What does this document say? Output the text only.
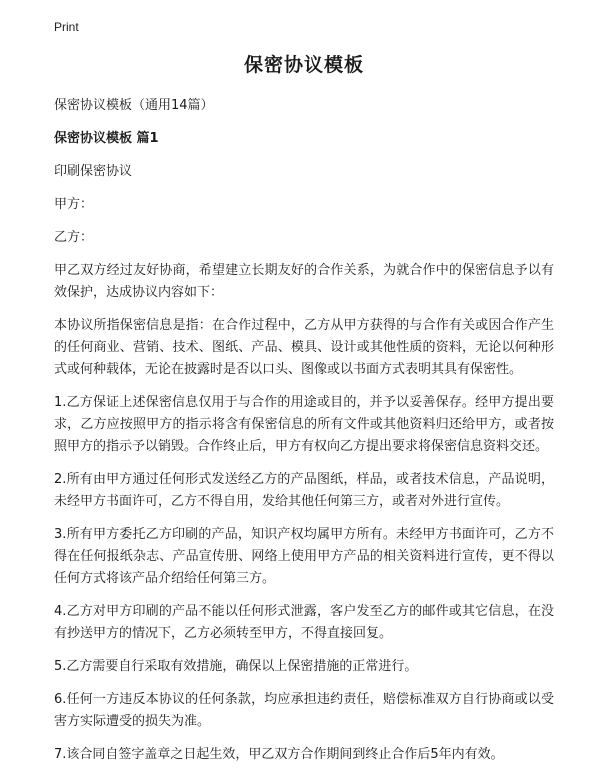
Print
保密协议模板

保密协议模板（通用14篇）

保密协议模板 篇1

印刷保密协议

甲方：

乙方：

甲乙双方经过友好协商，希望建立长期友好的合作关系，为就合作中的保密信息予以有效保护，达成协议内容如下：

本协议所指保密信息是指：在合作过程中，乙方从甲方获得的与合作有关或因合作产生的任何商业、营销、技术、图纸、产品、模具、设计或其他性质的资料，无论以何种形式或何种载体，无论在披露时是否以口头、图像或以书面方式表明其具有保密性。

1.乙方保证上述保密信息仅用于与合作的用途或目的，并予以妥善保存。经甲方提出要求，乙方应按照甲方的指示将含有保密信息的所有文件或其他资料归还给甲方，或者按照甲方的指示予以销毁。合作终止后，甲方有权向乙方提出要求将保密信息资料交还。

2.所有由甲方通过任何形式发送经乙方的产品图纸，样品，或者技术信息，产品说明，未经甲方书面许可，乙方不得自用，发给其他任何第三方，或者对外进行宣传。

3.所有甲方委托乙方印刷的产品，知识产权均属甲方所有。未经甲方书面许可，乙方不得在任何报纸杂志、产品宣传册、网络上使用甲方产品的相关资料进行宣传，更不得以任何方式将该产品介绍给任何第三方。

4.乙方对甲方印刷的产品不能以任何形式泄露，客户发至乙方的邮件或其它信息，在没有抄送甲方的情况下，乙方必须转至甲方，不得直接回复。

5.乙方需要自行采取有效措施，确保以上保密措施的正常进行。

6.任何一方违反本协议的任何条款，均应承担违约责任，赔偿标准双方自行协商或以受害方实际遭受的损失为准。

7.该合同自签字盖章之日起生效，甲乙双方合作期间到终止合作后5年内有效。
